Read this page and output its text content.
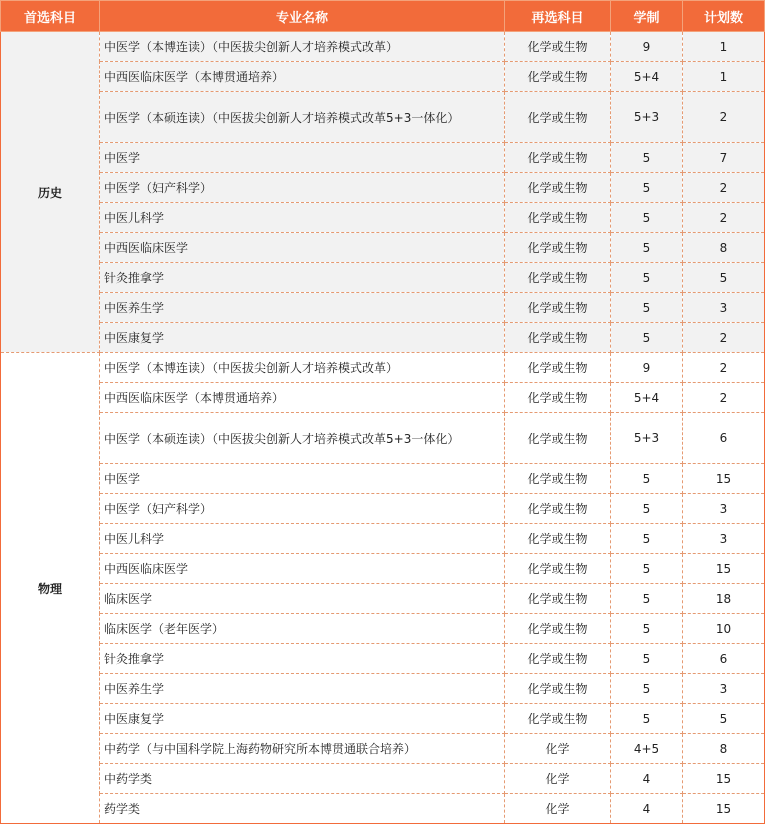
首选科目	专业名称	再选科目	学制	计划数
历史	中医学（本博连读）（中医拔尖创新人才培养模式改革）	化学或生物	9	1
	中西医临床医学（本博贯通培养）	化学或生物	5+4	1
	中医学（本硕连读）（中医拔尖创新人才培养模式改革5+3一体化）	化学或生物	5+3	2
	中医学	化学或生物	5	7
	中医学（妇产科学）	化学或生物	5	2
	中医儿科学	化学或生物	5	2
	中西医临床医学	化学或生物	5	8
	针灸推拿学	化学或生物	5	5
	中医养生学	化学或生物	5	3
	中医康复学	化学或生物	5	2
物理	中医学（本博连读）（中医拔尖创新人才培养模式改革）	化学或生物	9	2
	中西医临床医学（本博贯通培养）	化学或生物	5+4	2
	中医学（本硕连读）（中医拔尖创新人才培养模式改革5+3一体化）	化学或生物	5+3	6
	中医学	化学或生物	5	15
	中医学（妇产科学）	化学或生物	5	3
	中医儿科学	化学或生物	5	3
	中西医临床医学	化学或生物	5	15
	临床医学	化学或生物	5	18
	临床医学（老年医学）	化学或生物	5	10
	针灸推拿学	化学或生物	5	6
	中医养生学	化学或生物	5	3
	中医康复学	化学或生物	5	5
	中药学（与中国科学院上海药物研究所本博贯通联合培养）	化学	4+5	8
	中药学类	化学	4	15
	药学类	化学	4	15
